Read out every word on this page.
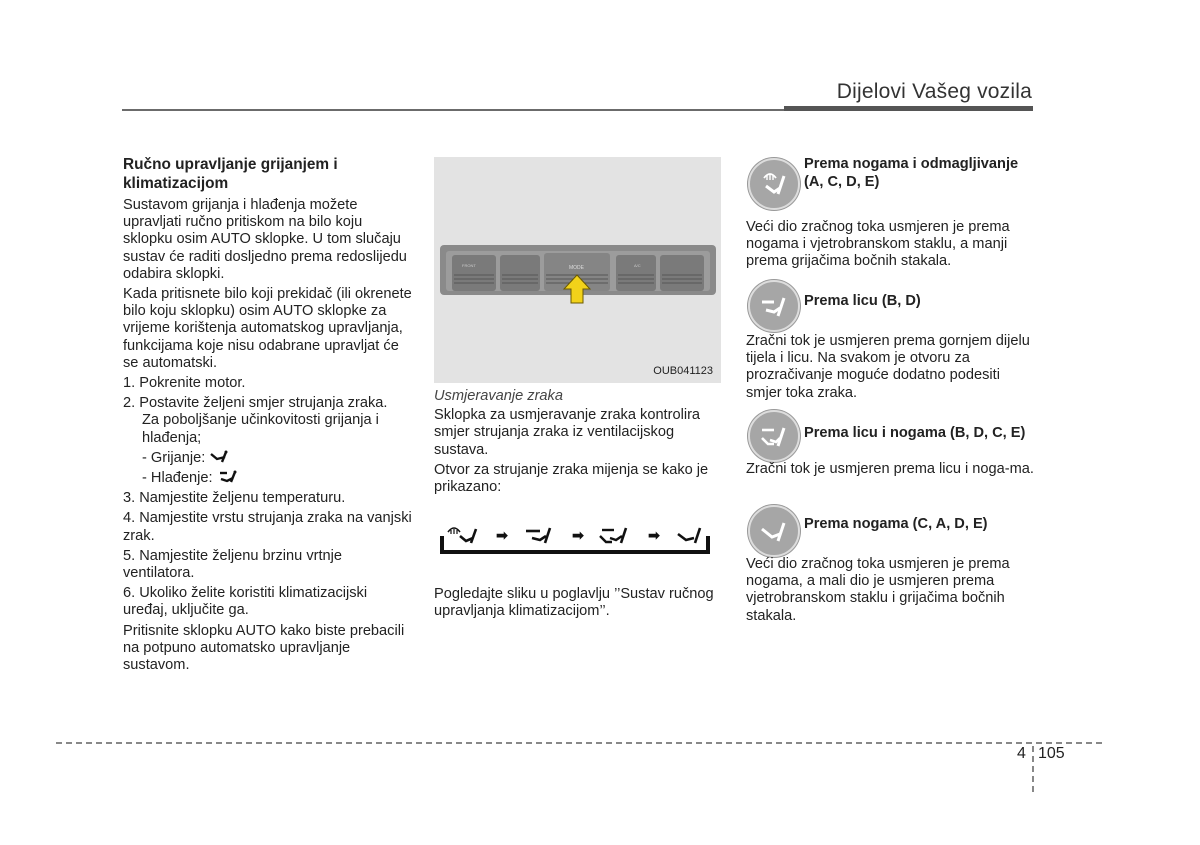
Dijelovi Vašeg vozila

Ručno upravljanje grijanjem i klimatizacijom

Sustavom grijanja i hlađenja možete upravljati ručno pritiskom na bilo koju sklopku osim AUTO sklopke. U tom slučaju sustav će raditi dosljedno prema redoslijedu odabira sklopki.

Kada pritisnete bilo koji prekidač (ili okrenete bilo koju sklopku) osim AUTO sklopke za vrijeme korištenja automatskog upravljanja, funkcijama koje nisu odabrane upravljat će se automatski.

1. Pokrenite motor.

2. Postavite željeni smjer strujanja zraka.

Za poboljšanje učinkovitosti grijanja i hlađenja;

- Grijanje:

- Hlađenje:

3. Namjestite željenu temperaturu.

4. Namjestite vrstu strujanja zraka na vanjski zrak.

5. Namjestite željenu brzinu vrtnje ventilatora.

6. Ukoliko želite koristiti klimatizacijski uređaj, uključite ga.

Pritisnite sklopku AUTO kako biste prebacili na potpuno automatsko upravljanje sustavom.

MODE
FRONT	A/C
OUB041123

Usmjeravanje zraka

Sklopka za usmjeravanje zraka kontrolira smjer strujanja zraka iz ventilacijskog sustava.

Otvor za strujanje zraka mijenja se kako je prikazano:

➡	➡	➡

Pogledajte sliku u poglavlju ’’Sustav ručnog upravljanja klimatizacijom’’.

Prema nogama i odmagljivanje (A, C, D, E)
Veći dio zračnog toka usmjeren je prema nogama i vjetrobranskom staklu, a manji prema grijačima bočnih stakala.
Prema licu (B, D)
Zračni tok je usmjeren prema gornjem dijelu tijela i licu. Na svakom je otvoru za prozračivanje moguće dodatno podesiti smjer toka zraka.
Prema licu i nogama (B, D, C, E)
Zračni tok je usmjeren prema licu i noga-ma.
Prema nogama (C, A, D, E)
Veći dio zračnog toka usmjeren je prema nogama, a mali dio je usmjeren prema vjetrobranskom staklu i grijačima bočnih stakala.
4 105
